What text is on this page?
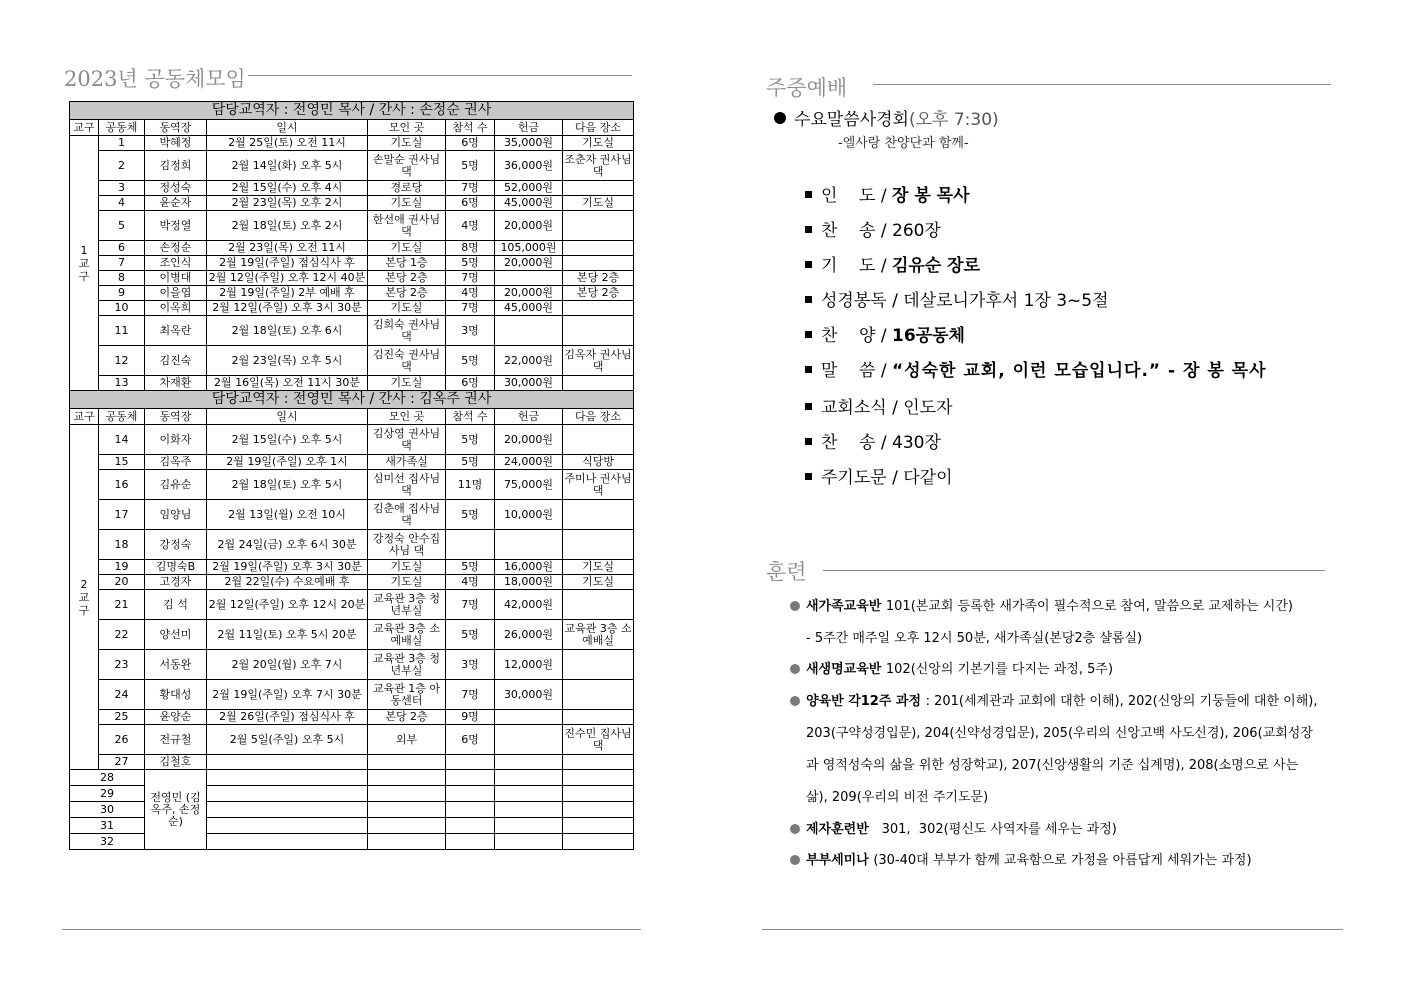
2023년 공동체모임
담당교역자 : 전영민 목사 / 간사 : 손정순 권사							
교구	공동체	동역장	일시	모인 곳	참석 수	헌금	다음 장소
1교구	1	박혜정	2월 25일(토) 오전 11시	기도실	6명	35,000원	기도실
	2	김정희	2월 14일(화) 오후 5시	손말순 권사님 댁	5명	36,000원	조춘자 권사님 댁
	3	정성숙	2월 15일(수) 오후 4시	경로당	7명	52,000원	
	4	윤순자	2월 23일(목) 오후 2시	기도실	6명	45,000원	기도실
	5	박정열	2월 18일(토) 오후 2시	한선애 권사님 댁	4명	20,000원	
	6	손정순	2월 23일(목) 오전 11시	기도실	8명	105,000원	
	7	조인식	2월 19일(주일) 점심식사 후	본당 1층	5명	20,000원	
	8	이병대	2월 12일(주일) 오후 12시 40분	본당 2층	7명		본당 2층
	9	이을엽	2월 19일(주일) 2부 예배 후	본당 2층	4명	20,000원	본당 2층
	10	이옥희	2월 12일(주일) 오후 3시 30분	기도실	7명	45,000원	
	11	최옥란	2월 18일(토) 오후 6시	김희숙 권사님 댁	3명		
	12	김진숙	2월 23일(목) 오후 5시	김진숙 권사님 댁	5명	22,000원	김옥자 권사님 댁
	13	차재환	2월 16일(목) 오전 11시 30분	기도실	6명	30,000원	
담당교역자 : 전영민 목사 / 간사 : 김옥주 권사							
교구	공동체	동역장	일시	모인 곳	참석 수	헌금	다음 장소
2교구	14	이화자	2월 15일(수) 오후 5시	김상영 권사님 댁	5명	20,000원	
	15	김옥주	2월 19일(주일) 오후 1시	새가족실	5명	24,000원	식당방
	16	김유순	2월 18일(토) 오후 5시	심미선 집사님 댁	11명	75,000원	주미나 권사님 댁
	17	임양님	2월 13일(월) 오전 10시	김춘애 집사님 댁	5명	10,000원	
	18	강정숙	2월 24일(금) 오후 6시 30분	강정숙 안수집사님 댁			
	19	김명숙B	2월 19일(주일) 오후 3시 30분	기도실	5명	16,000원	기도실
	20	고경자	2월 22일(수) 수요예배 후	기도실	4명	18,000원	기도실
	21	김 석	2월 12일(주일) 오후 12시 20분	교육관 3층 청년부실	7명	42,000원	
	22	양선미	2월 11일(토) 오후 5시 20분	교육관 3층 소예배실	5명	26,000원	교육관 3층 소예배실
	23	서동완	2월 20일(월) 오후 7시	교육관 3층 청년부실	3명	12,000원	
	24	황대성	2월 19일(주일) 오후 7시 30분	교육관 1층 아동센터	7명	30,000원	
	25	윤양순	2월 26일(주일) 점심식사 후	본당 2층	9명		
	26	전규철	2월 5일(주일) 오후 5시	외부	6명		진수민 집사님 댁
	27	김철호					
28		전영민 (김옥주, 손정순)					
29							
30							
31							
32							
주중예배
수요말씀사경회(오후 7:30)
-엘사랑 찬양단과 함께-
인    도 / 장 봉 목사
찬    송 / 260장
기    도 / 김유순 장로
성경봉독 / 데살로니가후서 1장 3~5절
찬    양 / 16공동체
말    씀 / “성숙한 교회, 이런 모습입니다.” - 장 봉 목사
교회소식 / 인도자
찬    송 / 430장
주기도문 / 다같이
훈련
새가족교육반 101(본교회 등록한 새가족이 필수적으로 참여, 말씀으로 교제하는 시간)
- 5주간 매주일 오후 12시 50분, 새가족실(본당2층 샬롬실)
새생명교육반 102(신앙의 기본기를 다지는 과정, 5주)
양육반 각12주 과정 : 201(세계관과 교회에 대한 이해), 202(신앙의 기둥들에 대한 이해),
203(구약성경입문), 204(신약성경입문), 205(우리의 신앙고백 사도신경), 206(교회성장
과 영적성숙의 삶을 위한 성장학교), 207(신앙생활의 기준 십계명), 208(소명으로 사는
삶), 209(우리의 비전 주기도문)
제자훈련반   301,  302(평신도 사역자를 세우는 과정)
부부세미나 (30-40대 부부가 함께 교육함으로 가정을 아름답게 세워가는 과정)
